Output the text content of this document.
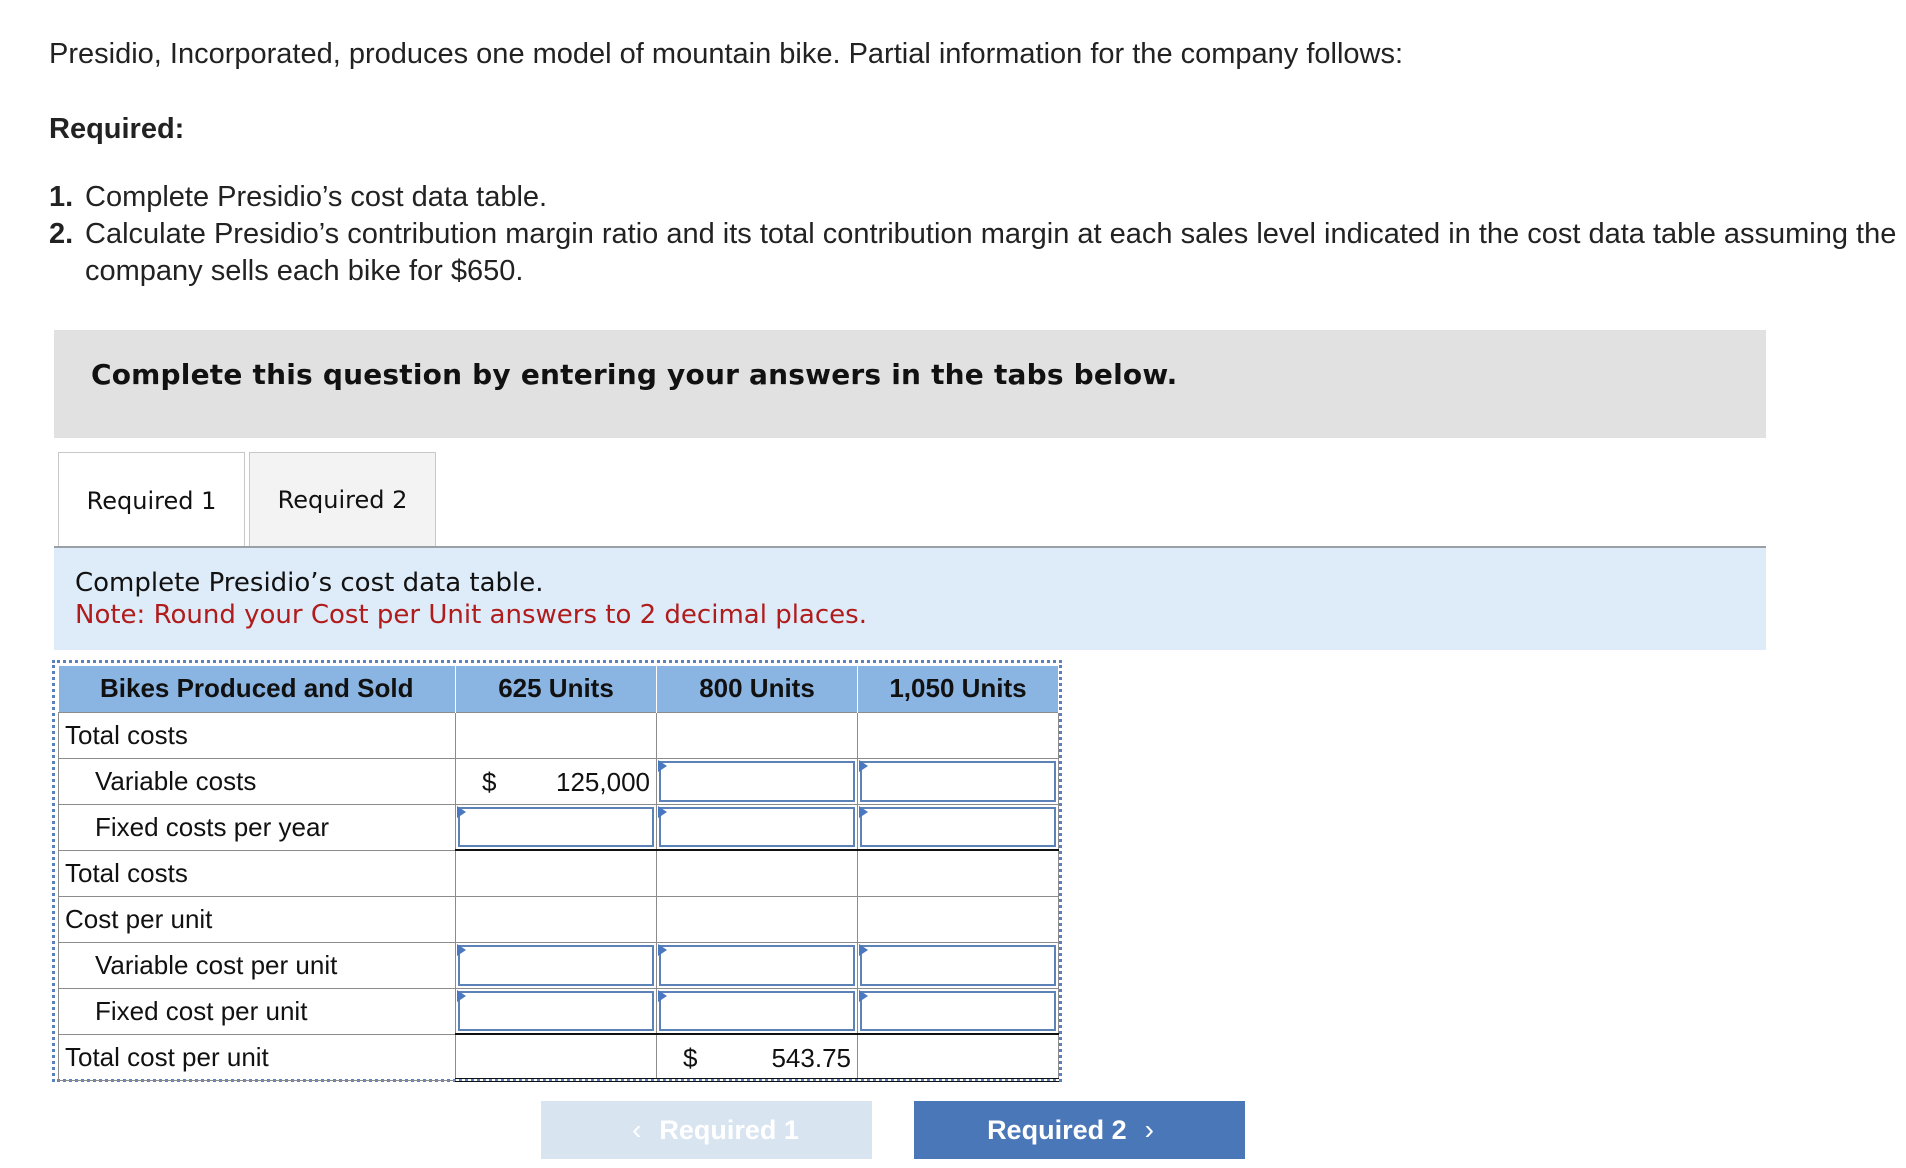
Presidio, Incorporated, produces one model of mountain bike. Partial information for the company follows:
Required:
1. Complete Presidio’s cost data table.
2. Calculate Presidio’s contribution margin ratio and its total contribution margin at each sales level indicated in the cost data table assuming the company sells each bike for $650.
Complete this question by entering your answers in the tabs below.
Required 1	Required 2
Complete Presidio’s cost data table.
Note: Round your Cost per Unit answers to 2 decimal places.
Bikes Produced and Sold	625 Units	800 Units	1,050 Units
Total costs			
Variable costs	$ 125,000

Fixed costs per year	

Total costs			
Cost per unit			
Variable cost per unit	

Fixed cost per unit	

Total cost per unit		$ 543.75	

‹ Required 1	Required 2 ›
